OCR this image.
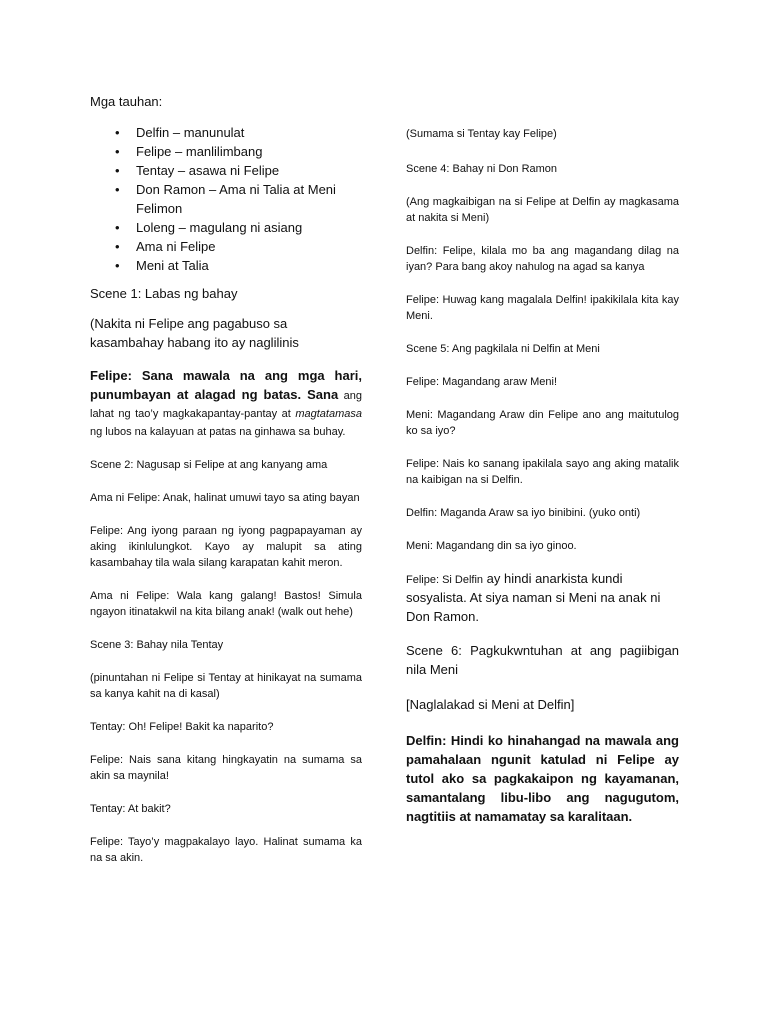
Mga tauhan:

• Delfin – manunulat
• Felipe – manlilimbang
• Tentay – asawa ni Felipe
• Don Ramon – Ama ni Talia at Meni Felimon
• Loleng – magulang ni asiang
• Ama ni Felipe
• Meni at Talia

Scene 1: Labas ng bahay

(Nakita ni Felipe ang pagabuso sa kasambahay habang ito ay naglilinis

Felipe: Sana mawala na ang mga hari, punumbayan at alagad ng batas. Sana ang lahat ng tao’y magkakapantay-pantay at magtatamasa ng lubos na kalayuan at patas na ginhawa sa buhay.

Scene 2: Nagusap si Felipe at ang kanyang ama

Ama ni Felipe: Anak, halinat umuwi tayo sa ating bayan

Felipe: Ang iyong paraan ng iyong pagpapayaman ay aking ikinlulungkot. Kayo ay malupit sa ating kasambahay tila wala silang karapatan kahit meron.

Ama ni Felipe: Wala kang galang! Bastos! Simula ngayon itinatakwil na kita bilang anak! (walk out hehe)

Scene 3: Bahay nila Tentay

(pinuntahan ni Felipe si Tentay at hinikayat na sumama sa kanya kahit na di kasal)

Tentay: Oh! Felipe! Bakit ka naparito?

Felipe: Nais sana kitang hingkayatin na sumama sa akin sa maynila!

Tentay: At bakit?

Felipe: Tayo’y magpakalayo layo. Halinat sumama ka na sa akin.

(Sumama si Tentay kay Felipe)

Scene 4: Bahay ni Don Ramon

(Ang magkaibigan na si Felipe at Delfin ay magkasama at nakita si Meni)

Delfin: Felipe, kilala mo ba ang magandang dilag na iyan? Para bang akoy nahulog na agad sa kanya

Felipe: Huwag kang magalala Delfin! ipakikilala kita kay Meni.

Scene 5: Ang pagkilala ni Delfin at Meni

Felipe: Magandang araw Meni!

Meni: Magandang Araw din Felipe ano ang maitutulog ko sa iyo?

Felipe: Nais ko sanang ipakilala sayo ang aking matalik na kaibigan na si Delfin.

Delfin: Maganda Araw sa iyo binibini. (yuko onti)

Meni: Magandang din sa iyo ginoo.

Felipe: Si Delfin ay hindi anarkista kundi sosyalista. At siya naman si Meni na anak ni Don Ramon.

Scene 6: Pagkukwntuhan at ang pagiibigan nila Meni

[Naglalakad si Meni at Delfin]

Delfin: Hindi ko hinahangad na mawala ang pamahalaan ngunit katulad ni Felipe ay tutol ako sa pagkakaipon ng kayamanan, samantalang libu-libo ang nagugutom, nagtitiis at namamatay sa karalitaan.
